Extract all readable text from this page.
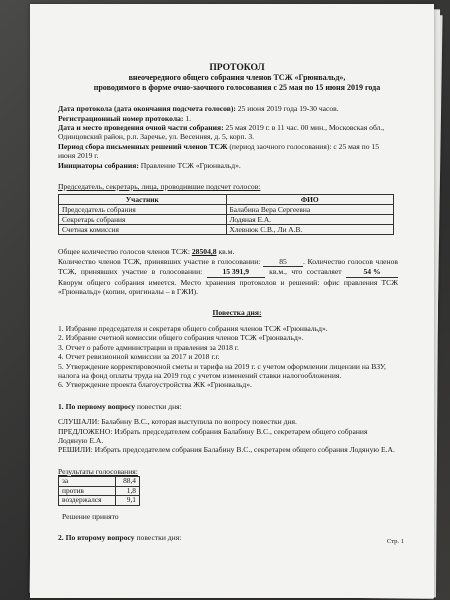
ПРОТОКОЛ

внеочередного общего собрания членов ТСЖ «Грюнвальд»,

проводимого в форме очно-заочного голосования с 25 мая по 15 июня 2019 года

Дата протокола (дата окончания подсчета голосов): 25 июня 2019 года 19-30 часов.

Регистрационный номер протокола: 1.

Дата и место проведения очной части собрания: 25 мая 2019 г. в 11 час. 00 мин., Московская обл., Одинцовский район, р.п. Заречье, ул. Весенняя, д. 5, корп. 3.

Период сбора письменных решений членов ТСЖ (период заочного голосования): с 25 мая по 15 июня 2019 г.

Инициаторы собрания: Правление ТСЖ «Грюнвальд».

Председатель, секретарь, лица, проводившие подсчет голосов:

Участник	ФИО
Председатель собрания	Балабина Вера Сергеевна
Секретарь собрания	Лодяная Е.А.
Счетная комиссия	Хлевнюк С.В., Ли А.В.

Общее количество голосов членов ТСЖ: 28504,8 кв.м.

Количество членов ТСЖ, принявших участие в голосовании: 85 . Количество голосов членов ТСЖ, принявших участие в голосовании: 15 391,9 кв.м., что составляет 54 % Кворум общего собрания имеется. Место хранения протоколов и решений: офис правления ТСЖ «Грюнвальд» (копии, оригиналы – в ГЖИ).

Повестка дня:

1. Избрание председателя и секретаря общего собрания членов ТСЖ «Грюнвальд».

2. Избрание счетной комиссии общего собрания членов ТСЖ «Грюнвальд».

3. Отчет о работе администрации и правления за 2018 г.

4. Отчет ревизионной комиссии за 2017 и 2018 г.г.

5. Утверждение корректировочной сметы и тарифа на 2019 г. с учетом оформлении лицензии на ВЗУ, налога на фонд оплаты труда на 2019 год с учетом изменений ставки налогообложения.

6. Утверждение проекта благоустройства ЖК «Грюнвальд».

1. По первому вопросу повестки дня:

СЛУШАЛИ: Балабину В.С., которая выступила по вопросу повестки дня.

ПРЕДЛОЖЕНО: Избрать председателем собрания Балабину В.С., секретарем общего собрания Лодяную Е.А.

РЕШИЛИ: Избрать председателем собрания Балабину В.С., секретарем общего собрания Лодяную Е.А.

Результаты голосования:

за	88,4
против	1,8
воздержался	9,1

Решение принято

2. По второму вопросу повестки дня:	Стр. 1
